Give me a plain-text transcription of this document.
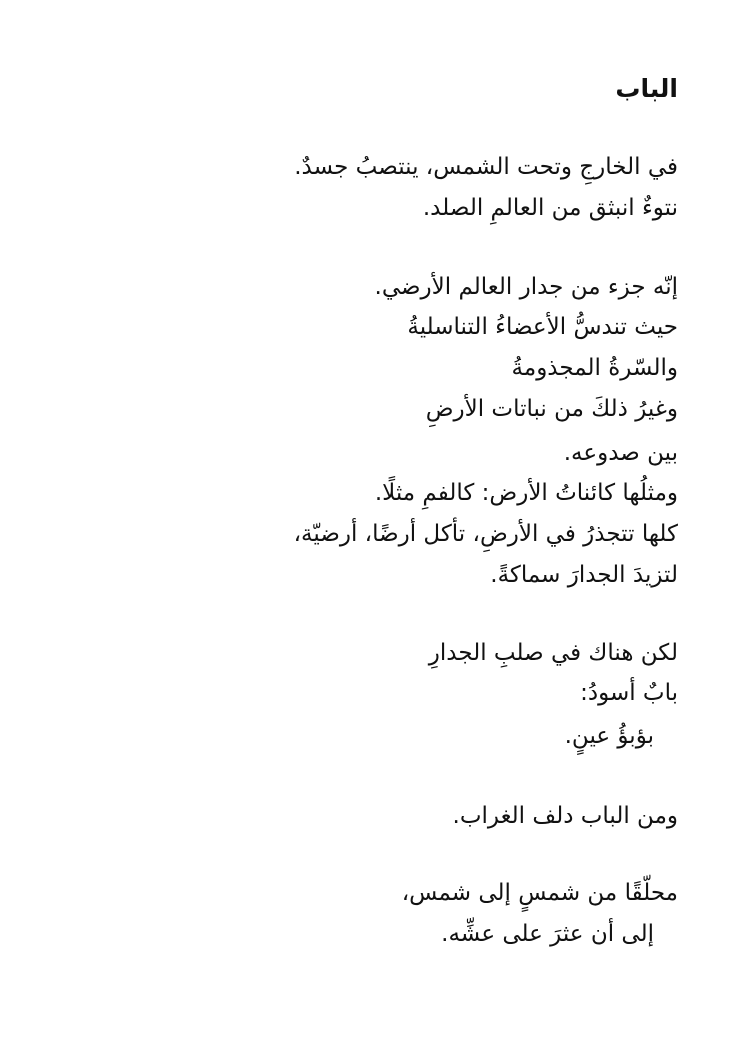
الباب
في الخارجِ وتحت الشمس، ينتصبُ جسدٌ.
نتوءٌ انبثق من العالمِ الصلد.
إنّه جزء من جدار العالم الأرضي.
حيث تندسُّ الأعضاءُ التناسليةُ
والسّرةُ المجذومةُ
وغيرُ ذلكَ من نباتات الأرضِ
بين صدوعه.
ومثلُها كائناتُ الأرض: كالفمِ مثلًا.
كلها تتجذرُ في الأرضِ، تأكل أرضًا، أرضيّة،
لتزيدَ الجدارَ سماكةً.
لكن هناك في صلبِ الجدارِ
بابٌ أسودُ:
بؤبؤُ عينٍ.
ومن الباب دلف الغراب.
محلّقًا من شمسٍ إلى شمس،
إلى أن عثرَ على عشِّه.
